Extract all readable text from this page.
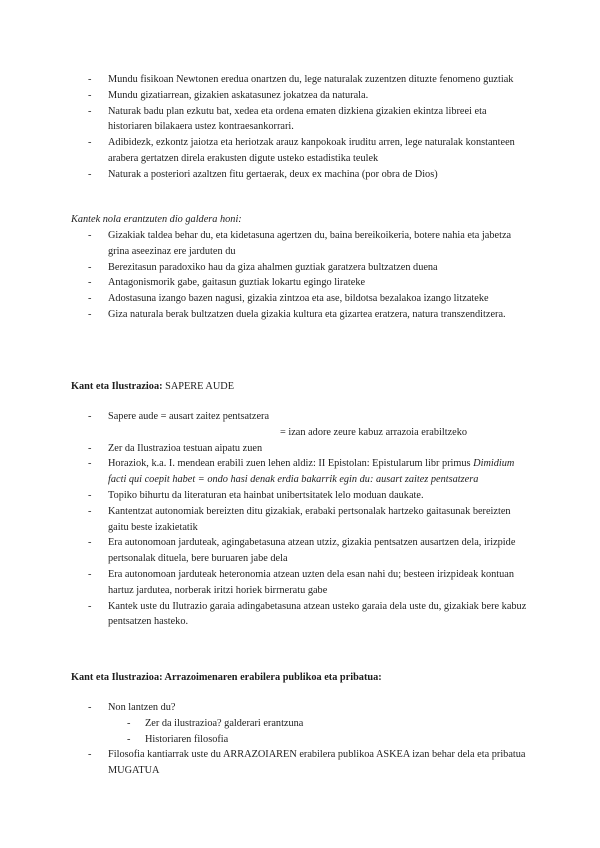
- Mundu fisikoan Newtonen eredua onartzen du, lege naturalak zuzentzen dituzte fenomeno guztiak
- Mundu gizatiarrean, gizakien askatasunez jokatzea da naturala.
- Naturak badu plan ezkutu bat, xedea eta ordena ematen dizkiena gizakien ekintza libreei eta historiaren bilakaera ustez kontraesankorrari.
- Adibidezk, ezkontz jaiotza eta heriotzak arauz kanpokoak iruditu arren, lege naturalak konstanteen arabera gertatzen direla erakusten digute usteko estadistika teulek
- Naturak a posteriori azaltzen fitu gertaerak, deux ex machina (por obra de Dios)
Kantek nola erantzuten dio galdera honi:
- Gizakiak taldea behar du, eta kidetasuna agertzen du, baina bereikoikeria, botere nahia eta jabetza grina aseezinaz ere jarduten du
- Berezitasun paradoxiko hau da giza ahalmen guztiak garatzera bultzatzen duena
- Antagonismorik gabe, gaitasun guztiak lokartu egingo lirateke
- Adostasuna izango bazen nagusi, gizakia zintzoa eta ase, bildotsa bezalakoa izango litzateke
- Giza naturala berak bultzatzen duela gizakia kultura eta gizartea eratzera, natura transzenditzera.
Kant eta Ilustrazioa: SAPERE AUDE
- Sapere aude = ausart zaitez pentsatzera
= izan adore zeure kabuz arrazoia erabiltzeko
- Zer da Ilustrazioa testuan aipatu zuen
- Horaziok, k.a. I. mendean erabili zuen lehen aldiz: II Epistolan: Epistularum libr primus Dimidium facti qui coepit habet = ondo hasi denak erdia bakarrik egin du: ausart zaitez pentsatzera
- Topiko bihurtu da literaturan eta hainbat unibertsitatek lelo moduan daukate.
- Kantentzat autonomiak bereizten ditu gizakiak, erabaki pertsonalak hartzeko gaitasunak bereizten gaitu beste izakietatik
- Era autonomoan jarduteak, agingabetasuna atzean utziz, gizakia pentsatzen ausartzen dela, irizpide pertsonalak dituela, bere buruaren jabe dela
- Era autonomoan jarduteak heteronomia atzean uzten dela esan nahi du; besteen irizpideak kontuan hartuz jardutea, norberak iritzi horiek birrneratu gabe
- Kantek uste du Ilutrazio garaia adingabetasuna atzean usteko garaia dela uste du, gizakiak bere kabuz pentsatzen hasteko.
Kant eta Ilustrazioa: Arrazoimenaren erabilera publikoa eta pribatua:
- Non lantzen du?
- Zer da ilustrazioa? galderari erantzuna
- Historiaren filosofia
- Filosofia kantiarrak uste du ARRAZOIAREN erabilera publikoa ASKEA izan behar dela eta pribatua MUGATUA
